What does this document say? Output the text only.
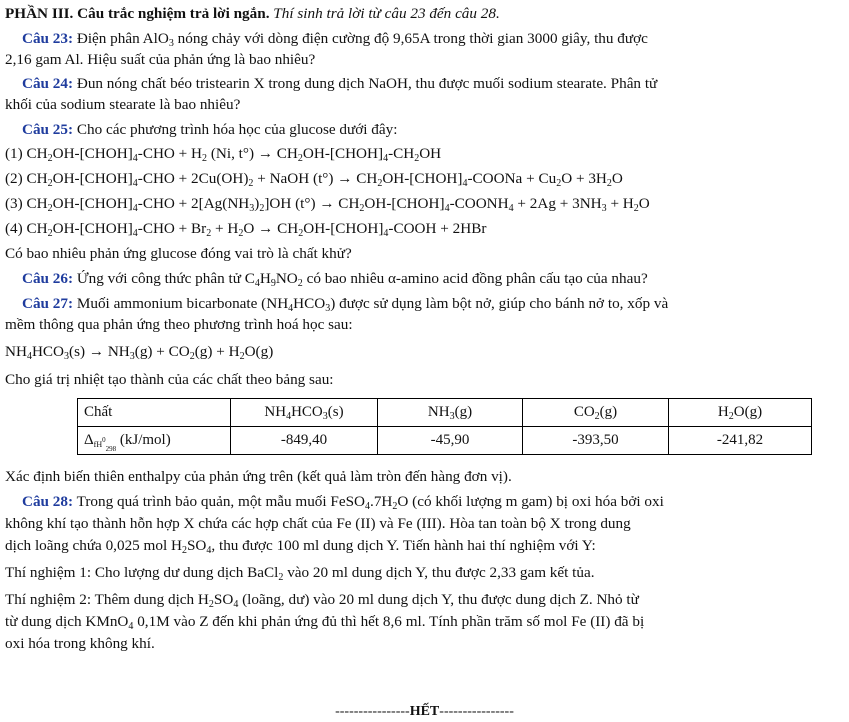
PHẦN III. Câu trắc nghiệm trả lời ngắn. Thí sinh trả lời từ câu 23 đến câu 28.
Câu 23: Điện phân AlO$_3$ nóng chảy với dòng điện cường độ 9,65A trong thời gian 3000 giây, thu được
2,16 gam Al. Hiệu suất của phản ứng là bao nhiêu?
Câu 24: Đun nóng chất béo tristearin X trong dung dịch NaOH, thu được muối sodium stearate. Phân tử
khối của sodium stearate là bao nhiêu?
Câu 25: Cho các phương trình hóa học của glucose dưới đây:
(1) $CH_2OH-[CHOH]_4$-CHO + $H_2$ (Ni, $t^\circ) \to CH_2OH-[CHOH]_4-CH_2OH$
(2) $CH_2OH-[CHOH]_4$-CHO + $2Cu(OH)_2$ + NaOH $(t^\circ) \to CH_2OH-[CHOH]_4$-COONa + $Cu_2O + 3H_2O$
(3) $CH_2OH-[CHOH]_4$-CHO + $2[Ag(NH_3)_2]OH$ $(t^\circ) \to CH_2OH-[CHOH]_4-COONH_4 + 2Ag + 3NH_3 + H_2O$
(4) $CH_2OH-[CHOH]_4$-CHO + $Br_2 + H_2O$ → $CH_2OH-[CHOH]_4$-COOH + 2HBr
Có bao nhiêu phản ứng glucose đóng vai trò là chất khử?
Câu 26: Ứng với công thức phân tử $C_4H_9NO_2$ có bao nhiêu α-amino acid đồng phân cấu tạo của nhau?
Câu 27: Muối ammonium bicarbonate $(NH_4HCO_3)$ được sử dụng làm bột nở, giúp cho bánh nở to, xốp và
mềm thông qua phản ứng theo phương trình hoá học sau:
$NH_4HCO_3(s) \to NH_3(g) + CO_2(g) + H_2O(g)$
Cho giá trị nhiệt tạo thành của các chất theo bảng sau:
Chất	$NH_4HCO_3(s)$	$NH_3(g)$	$CO_2(g)$	$H_2O(g)$
$\Delta_{fH^0298}$ (kJ/mol)	-849,40	-45,90	-393,50	-241,82
Xác định biến thiên enthalpy của phản ứng trên (kết quả làm tròn đến hàng đơn vị).
Câu 28: Trong quá trình bảo quản, một mẫu muối $FeSO_4.7H_2O$ (có khối lượng m gam) bị oxi hóa bởi oxi
không khí tạo thành hỗn hợp X chứa các hợp chất của Fe (II) và Fe (III). Hòa tan toàn bộ X trong dung
dịch loãng chứa 0,025 mol $H_2SO_4$, thu được 100 ml dung dịch Y. Tiến hành hai thí nghiệm với Y:
Thí nghiệm 1: Cho lượng dư dung dịch BaCl$_2$ vào 20 ml dung dịch Y, thu được 2,33 gam kết tủa.
Thí nghiệm 2: Thêm dung dịch $H_2SO_4$ (loãng, dư) vào 20 ml dung dịch Y, thu được dung dịch Z. Nhỏ từ
từ dung dịch KMnO$_4$ 0,1M vào Z đến khi phản ứng đủ thì hết 8,6 ml. Tính phần trăm số mol Fe (II) đã bị
oxi hóa trong không khí.
----------------HẾT----------------
